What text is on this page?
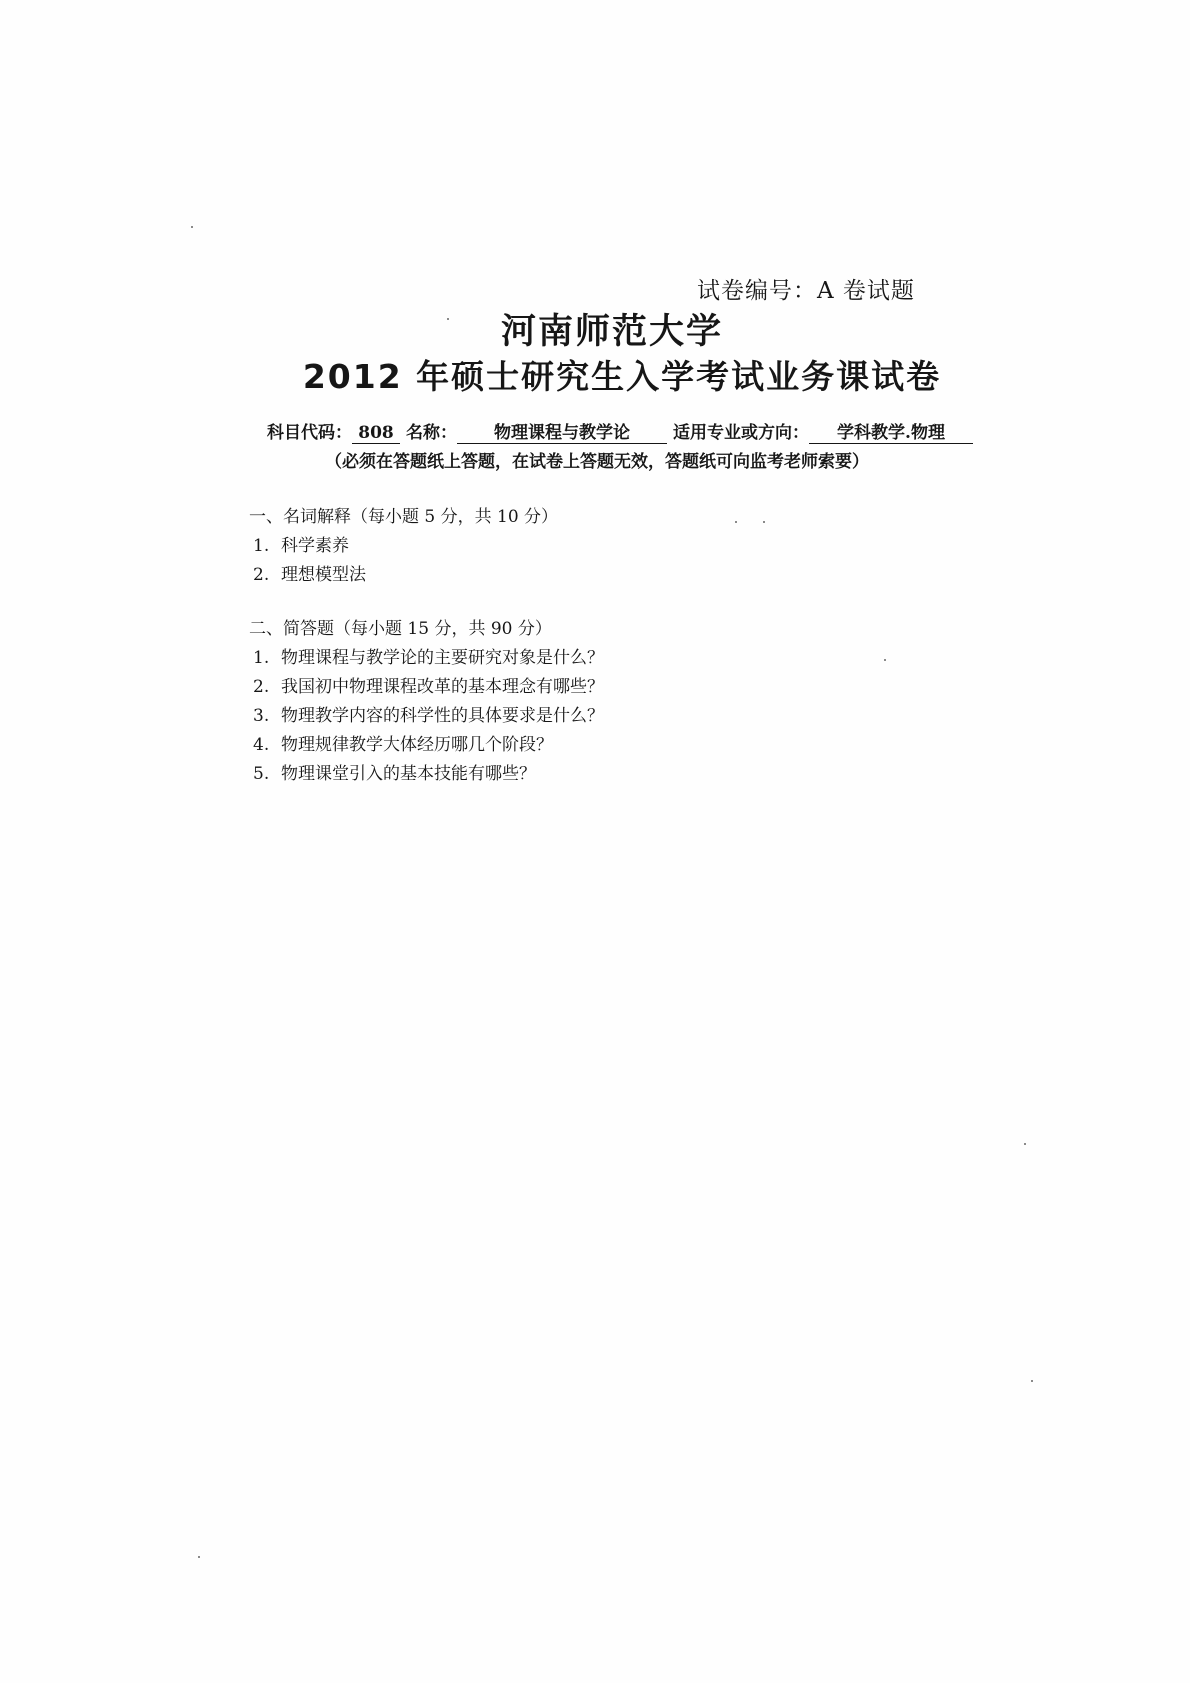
试卷编号：A 卷试题
河南师范大学
2012 年硕士研究生入学考试业务课试卷
科目代码： 808 名称： 物理课程与教学论	适用专业或方向： 学科教学.物理
（必须在答题纸上答题，在试卷上答题无效，答题纸可向监考老师索要）
一、名词解释（每小题 5 分，共 10 分）
1. 科学素养
2. 理想模型法
二、简答题（每小题 15 分，共 90 分）
1. 物理课程与教学论的主要研究对象是什么？
2. 我国初中物理课程改革的基本理念有哪些？
3. 物理教学内容的科学性的具体要求是什么？
4. 物理规律教学大体经历哪几个阶段？
5. 物理课堂引入的基本技能有哪些？
